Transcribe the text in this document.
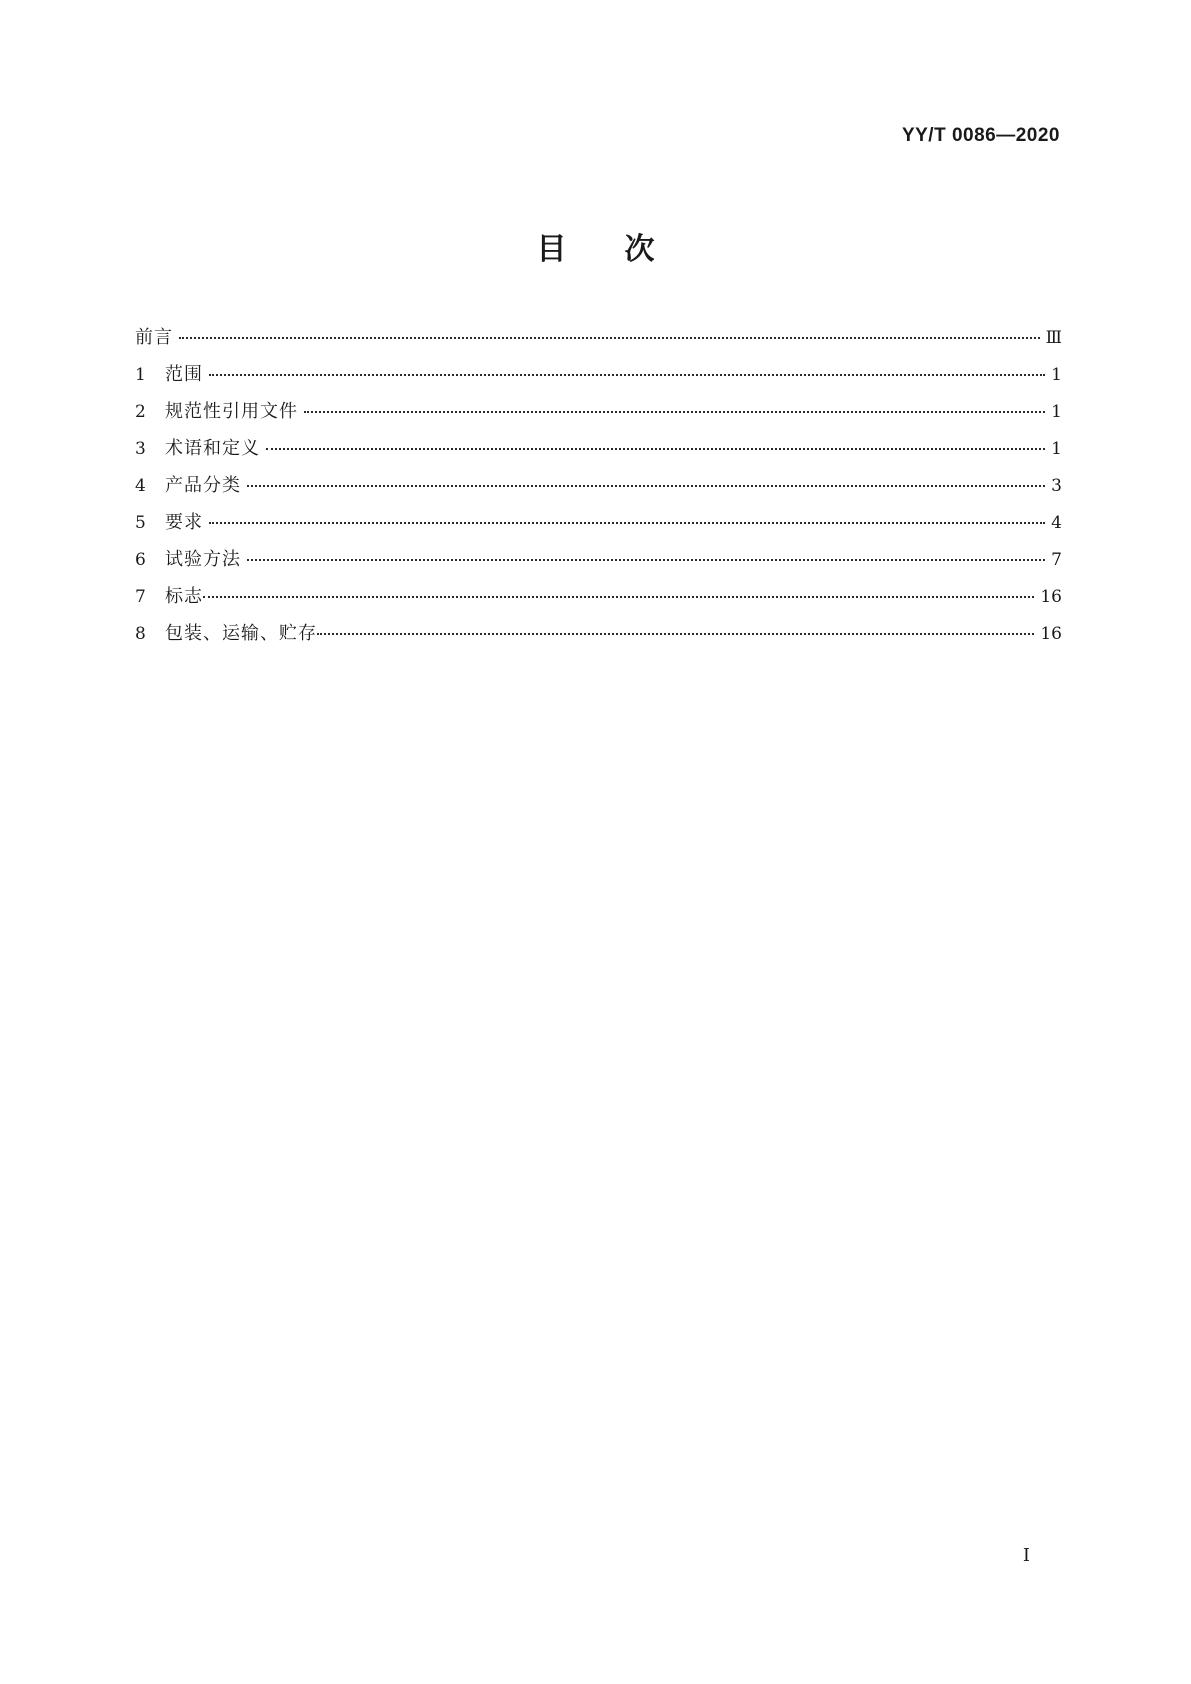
YY/T 0086—2020
目次
前言	Ⅲ
1	范围	1
2	规范性引用文件	1
3	术语和定义	1
4	产品分类	3
5	要求	4
6	试验方法	7
7	标志	16
8	包装、运输、贮存	16
I
